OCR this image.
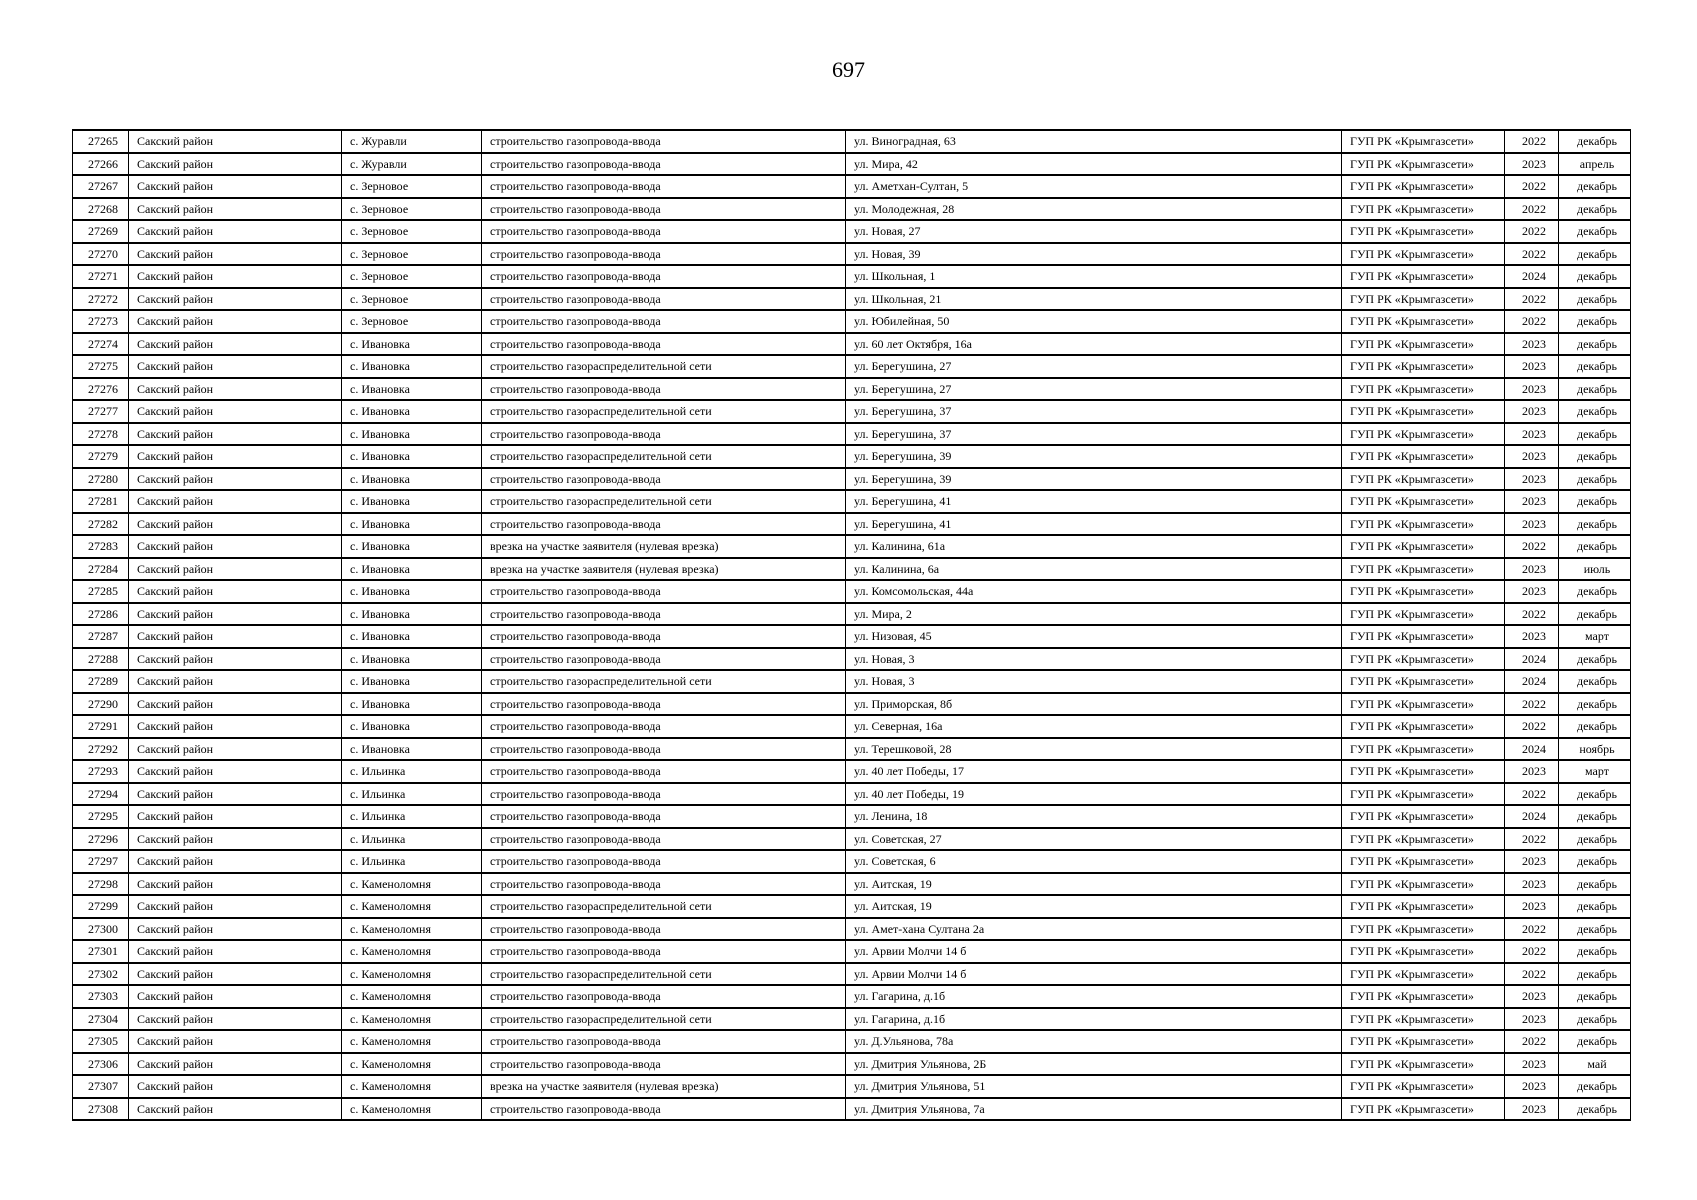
697
27265	Сакский район	с. Журавли	строительство газопровода-ввода	ул. Виноградная, 63	ГУП РК «Крымгазсети»	2022	декабрь
27266	Сакский район	с. Журавли	строительство газопровода-ввода	ул. Мира, 42	ГУП РК «Крымгазсети»	2023	апрель
27267	Сакский район	с. Зерновое	строительство газопровода-ввода	ул. Аметхан-Султан, 5	ГУП РК «Крымгазсети»	2022	декабрь
27268	Сакский район	с. Зерновое	строительство газопровода-ввода	ул. Молодежная, 28	ГУП РК «Крымгазсети»	2022	декабрь
27269	Сакский район	с. Зерновое	строительство газопровода-ввода	ул. Новая, 27	ГУП РК «Крымгазсети»	2022	декабрь
27270	Сакский район	с. Зерновое	строительство газопровода-ввода	ул. Новая, 39	ГУП РК «Крымгазсети»	2022	декабрь
27271	Сакский район	с. Зерновое	строительство газопровода-ввода	ул. Школьная, 1	ГУП РК «Крымгазсети»	2024	декабрь
27272	Сакский район	с. Зерновое	строительство газопровода-ввода	ул. Школьная, 21	ГУП РК «Крымгазсети»	2022	декабрь
27273	Сакский район	с. Зерновое	строительство газопровода-ввода	ул. Юбилейная, 50	ГУП РК «Крымгазсети»	2022	декабрь
27274	Сакский район	с. Ивановка	строительство газопровода-ввода	ул. 60 лет Октября, 16а	ГУП РК «Крымгазсети»	2023	декабрь
27275	Сакский район	с. Ивановка	строительство газораспределительной сети	ул. Берегушина, 27	ГУП РК «Крымгазсети»	2023	декабрь
27276	Сакский район	с. Ивановка	строительство газопровода-ввода	ул. Берегушина, 27	ГУП РК «Крымгазсети»	2023	декабрь
27277	Сакский район	с. Ивановка	строительство газораспределительной сети	ул. Берегушина, 37	ГУП РК «Крымгазсети»	2023	декабрь
27278	Сакский район	с. Ивановка	строительство газопровода-ввода	ул. Берегушина, 37	ГУП РК «Крымгазсети»	2023	декабрь
27279	Сакский район	с. Ивановка	строительство газораспределительной сети	ул. Берегушина, 39	ГУП РК «Крымгазсети»	2023	декабрь
27280	Сакский район	с. Ивановка	строительство газопровода-ввода	ул. Берегушина, 39	ГУП РК «Крымгазсети»	2023	декабрь
27281	Сакский район	с. Ивановка	строительство газораспределительной сети	ул. Берегушина, 41	ГУП РК «Крымгазсети»	2023	декабрь
27282	Сакский район	с. Ивановка	строительство газопровода-ввода	ул. Берегушина, 41	ГУП РК «Крымгазсети»	2023	декабрь
27283	Сакский район	с. Ивановка	врезка на участке заявителя (нулевая врезка)	ул. Калинина, 61а	ГУП РК «Крымгазсети»	2022	декабрь
27284	Сакский район	с. Ивановка	врезка на участке заявителя (нулевая врезка)	ул. Калинина, 6а	ГУП РК «Крымгазсети»	2023	июль
27285	Сакский район	с. Ивановка	строительство газопровода-ввода	ул. Комсомольская, 44а	ГУП РК «Крымгазсети»	2023	декабрь
27286	Сакский район	с. Ивановка	строительство газопровода-ввода	ул. Мира, 2	ГУП РК «Крымгазсети»	2022	декабрь
27287	Сакский район	с. Ивановка	строительство газопровода-ввода	ул. Низовая, 45	ГУП РК «Крымгазсети»	2023	март
27288	Сакский район	с. Ивановка	строительство газопровода-ввода	ул. Новая, 3	ГУП РК «Крымгазсети»	2024	декабрь
27289	Сакский район	с. Ивановка	строительство газораспределительной сети	ул. Новая, 3	ГУП РК «Крымгазсети»	2024	декабрь
27290	Сакский район	с. Ивановка	строительство газопровода-ввода	ул. Приморская, 8б	ГУП РК «Крымгазсети»	2022	декабрь
27291	Сакский район	с. Ивановка	строительство газопровода-ввода	ул. Северная, 16а	ГУП РК «Крымгазсети»	2022	декабрь
27292	Сакский район	с. Ивановка	строительство газопровода-ввода	ул. Терешковой, 28	ГУП РК «Крымгазсети»	2024	ноябрь
27293	Сакский район	с. Ильинка	строительство газопровода-ввода	ул. 40 лет Победы, 17	ГУП РК «Крымгазсети»	2023	март
27294	Сакский район	с. Ильинка	строительство газопровода-ввода	ул. 40 лет Победы, 19	ГУП РК «Крымгазсети»	2022	декабрь
27295	Сакский район	с. Ильинка	строительство газопровода-ввода	ул. Ленина, 18	ГУП РК «Крымгазсети»	2024	декабрь
27296	Сакский район	с. Ильинка	строительство газопровода-ввода	ул. Советская, 27	ГУП РК «Крымгазсети»	2022	декабрь
27297	Сакский район	с. Ильинка	строительство газопровода-ввода	ул. Советская, 6	ГУП РК «Крымгазсети»	2023	декабрь
27298	Сакский район	с. Каменоломня	строительство газопровода-ввода	ул. Аитская, 19	ГУП РК «Крымгазсети»	2023	декабрь
27299	Сакский район	с. Каменоломня	строительство газораспределительной сети	ул. Аитская, 19	ГУП РК «Крымгазсети»	2023	декабрь
27300	Сакский район	с. Каменоломня	строительство газопровода-ввода	ул. Амет-хана Султана 2а	ГУП РК «Крымгазсети»	2022	декабрь
27301	Сакский район	с. Каменоломня	строительство газопровода-ввода	ул. Арвии Молчи 14 б	ГУП РК «Крымгазсети»	2022	декабрь
27302	Сакский район	с. Каменоломня	строительство газораспределительной сети	ул. Арвии Молчи 14 б	ГУП РК «Крымгазсети»	2022	декабрь
27303	Сакский район	с. Каменоломня	строительство газопровода-ввода	ул. Гагарина, д.1б	ГУП РК «Крымгазсети»	2023	декабрь
27304	Сакский район	с. Каменоломня	строительство газораспределительной сети	ул. Гагарина, д.1б	ГУП РК «Крымгазсети»	2023	декабрь
27305	Сакский район	с. Каменоломня	строительство газопровода-ввода	ул. Д.Ульянова, 78а	ГУП РК «Крымгазсети»	2022	декабрь
27306	Сакский район	с. Каменоломня	строительство газопровода-ввода	ул. Дмитрия Ульянова, 2Б	ГУП РК «Крымгазсети»	2023	май
27307	Сакский район	с. Каменоломня	врезка на участке заявителя (нулевая врезка)	ул. Дмитрия Ульянова, 51	ГУП РК «Крымгазсети»	2023	декабрь
27308	Сакский район	с. Каменоломня	строительство газопровода-ввода	ул. Дмитрия Ульянова, 7а	ГУП РК «Крымгазсети»	2023	декабрь
